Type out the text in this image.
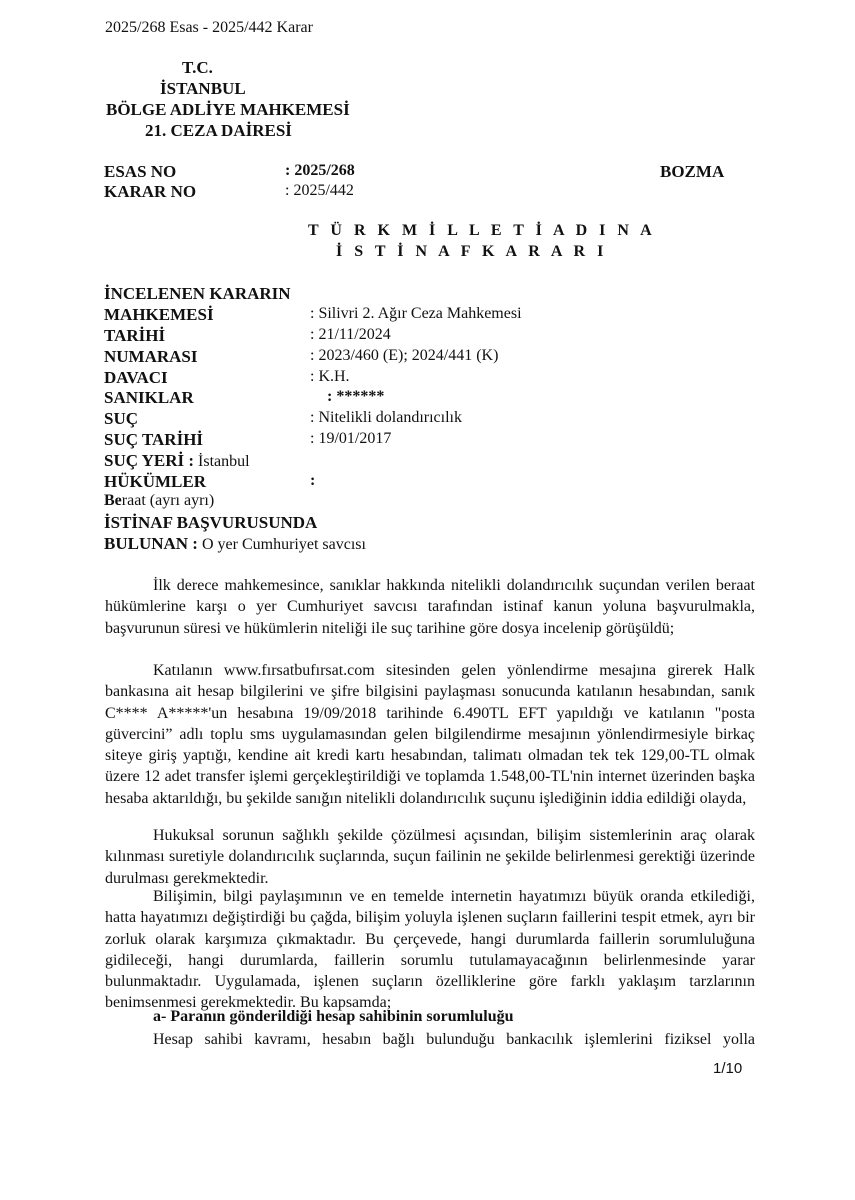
2025/268 Esas - 2025/442 Karar
T.C.
İSTANBUL
BÖLGE ADLİYE MAHKEMESİ
21. CEZA DAİRESİ
ESAS NO	: 2025/268	BOZMA
KARAR NO	: 2025/442
T Ü R K M İ L L E T İ A D I N A
İ S T İ N A F K A R A R I
İNCELENEN KARARIN
MAHKEMESİ	: Silivri 2. Ağır Ceza Mahkemesi
TARİHİ	: 21/11/2024
NUMARASI	: 2023/460 (E); 2024/441 (K)
DAVACI	: K.H.
SANIKLAR	: ******
SUÇ	: Nitelikli dolandırıcılık
SUÇ TARİHİ	: 19/01/2017
SUÇ YERİ : İstanbul
HÜKÜMLER	:
Beraat (ayrı ayrı)
İSTİNAF BAŞVURUSUNDA
BULUNAN : O yer Cumhuriyet savcısı
İlk derece mahkemesince, sanıklar hakkında nitelikli dolandırıcılık suçundan verilen beraat hükümlerine karşı o yer Cumhuriyet savcısı tarafından istinaf kanun yoluna başvurulmakla, başvurunun süresi ve hükümlerin niteliği ile suç tarihine göre dosya incelenip görüşüldü;
Katılanın www.fırsatbufırsat.com sitesinden gelen yönlendirme mesajına girerek Halk bankasına ait hesap bilgilerini ve şifre bilgisini paylaşması sonucunda katılanın hesabından, sanık C**** A*****'un hesabına 19/09/2018 tarihinde 6.490TL EFT yapıldığı ve katılanın "posta güvercini” adlı toplu sms uygulamasından gelen bilgilendirme mesajının yönlendirmesiyle birkaç siteye giriş yaptığı, kendine ait kredi kartı hesabından, talimatı olmadan tek tek 129,00-TL olmak üzere 12 adet transfer işlemi gerçekleştirildiği ve toplamda 1.548,00-TL'nin internet üzerinden başka hesaba aktarıldığı, bu şekilde sanığın nitelikli dolandırıcılık suçunu işlediğinin iddia edildiği olayda,
Hukuksal sorunun sağlıklı şekilde çözülmesi açısından, bilişim sistemlerinin araç olarak kılınması suretiyle dolandırıcılık suçlarında, suçun failinin ne şekilde belirlenmesi gerektiği üzerinde durulması gerekmektedir.
Bilişimin, bilgi paylaşımının ve en temelde internetin hayatımızı büyük oranda etkilediği, hatta hayatımızı değiştirdiği bu çağda, bilişim yoluyla işlenen suçların faillerini tespit etmek, ayrı bir zorluk olarak karşımıza çıkmaktadır. Bu çerçevede, hangi durumlarda faillerin sorumluluğuna gidileceği, hangi durumlarda, faillerin sorumlu tutulamayacağının belirlenmesinde yarar bulunmaktadır. Uygulamada, işlenen suçların özelliklerine göre farklı yaklaşım tarzlarının benimsenmesi gerekmektedir. Bu kapsamda;
a- Paranın gönderildiği hesap sahibinin sorumluluğu
Hesap sahibi kavramı, hesabın bağlı bulunduğu bankacılık işlemlerini fiziksel yolla
1/10
